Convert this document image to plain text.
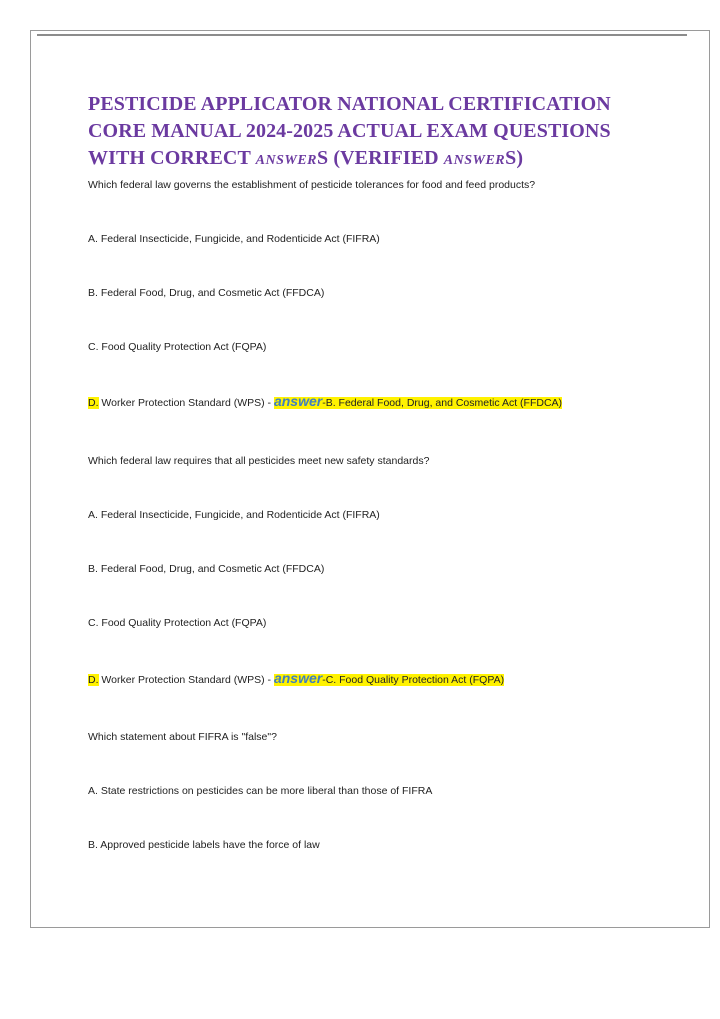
PESTICIDE APPLICATOR NATIONAL CERTIFICATION
CORE MANUAL 2024-2025 ACTUAL EXAM QUESTIONS
WITH CORRECT ANSWERS (VERIFIED ANSWERS)
Which federal law governs the establishment of pesticide tolerances for food and feed products?
A. Federal Insecticide, Fungicide, and Rodenticide Act (FIFRA)
B. Federal Food, Drug, and Cosmetic Act (FFDCA)
C. Food Quality Protection Act (FQPA)
D. Worker Protection Standard (WPS) - answer-B. Federal Food, Drug, and Cosmetic Act (FFDCA)
Which federal law requires that all pesticides meet new safety standards?
A. Federal Insecticide, Fungicide, and Rodenticide Act (FIFRA)
B. Federal Food, Drug, and Cosmetic Act (FFDCA)
C. Food Quality Protection Act (FQPA)
D. Worker Protection Standard (WPS) - answer-C. Food Quality Protection Act (FQPA)
Which statement about FIFRA is "false"?
A. State restrictions on pesticides can be more liberal than those of FIFRA
B. Approved pesticide labels have the force of law
